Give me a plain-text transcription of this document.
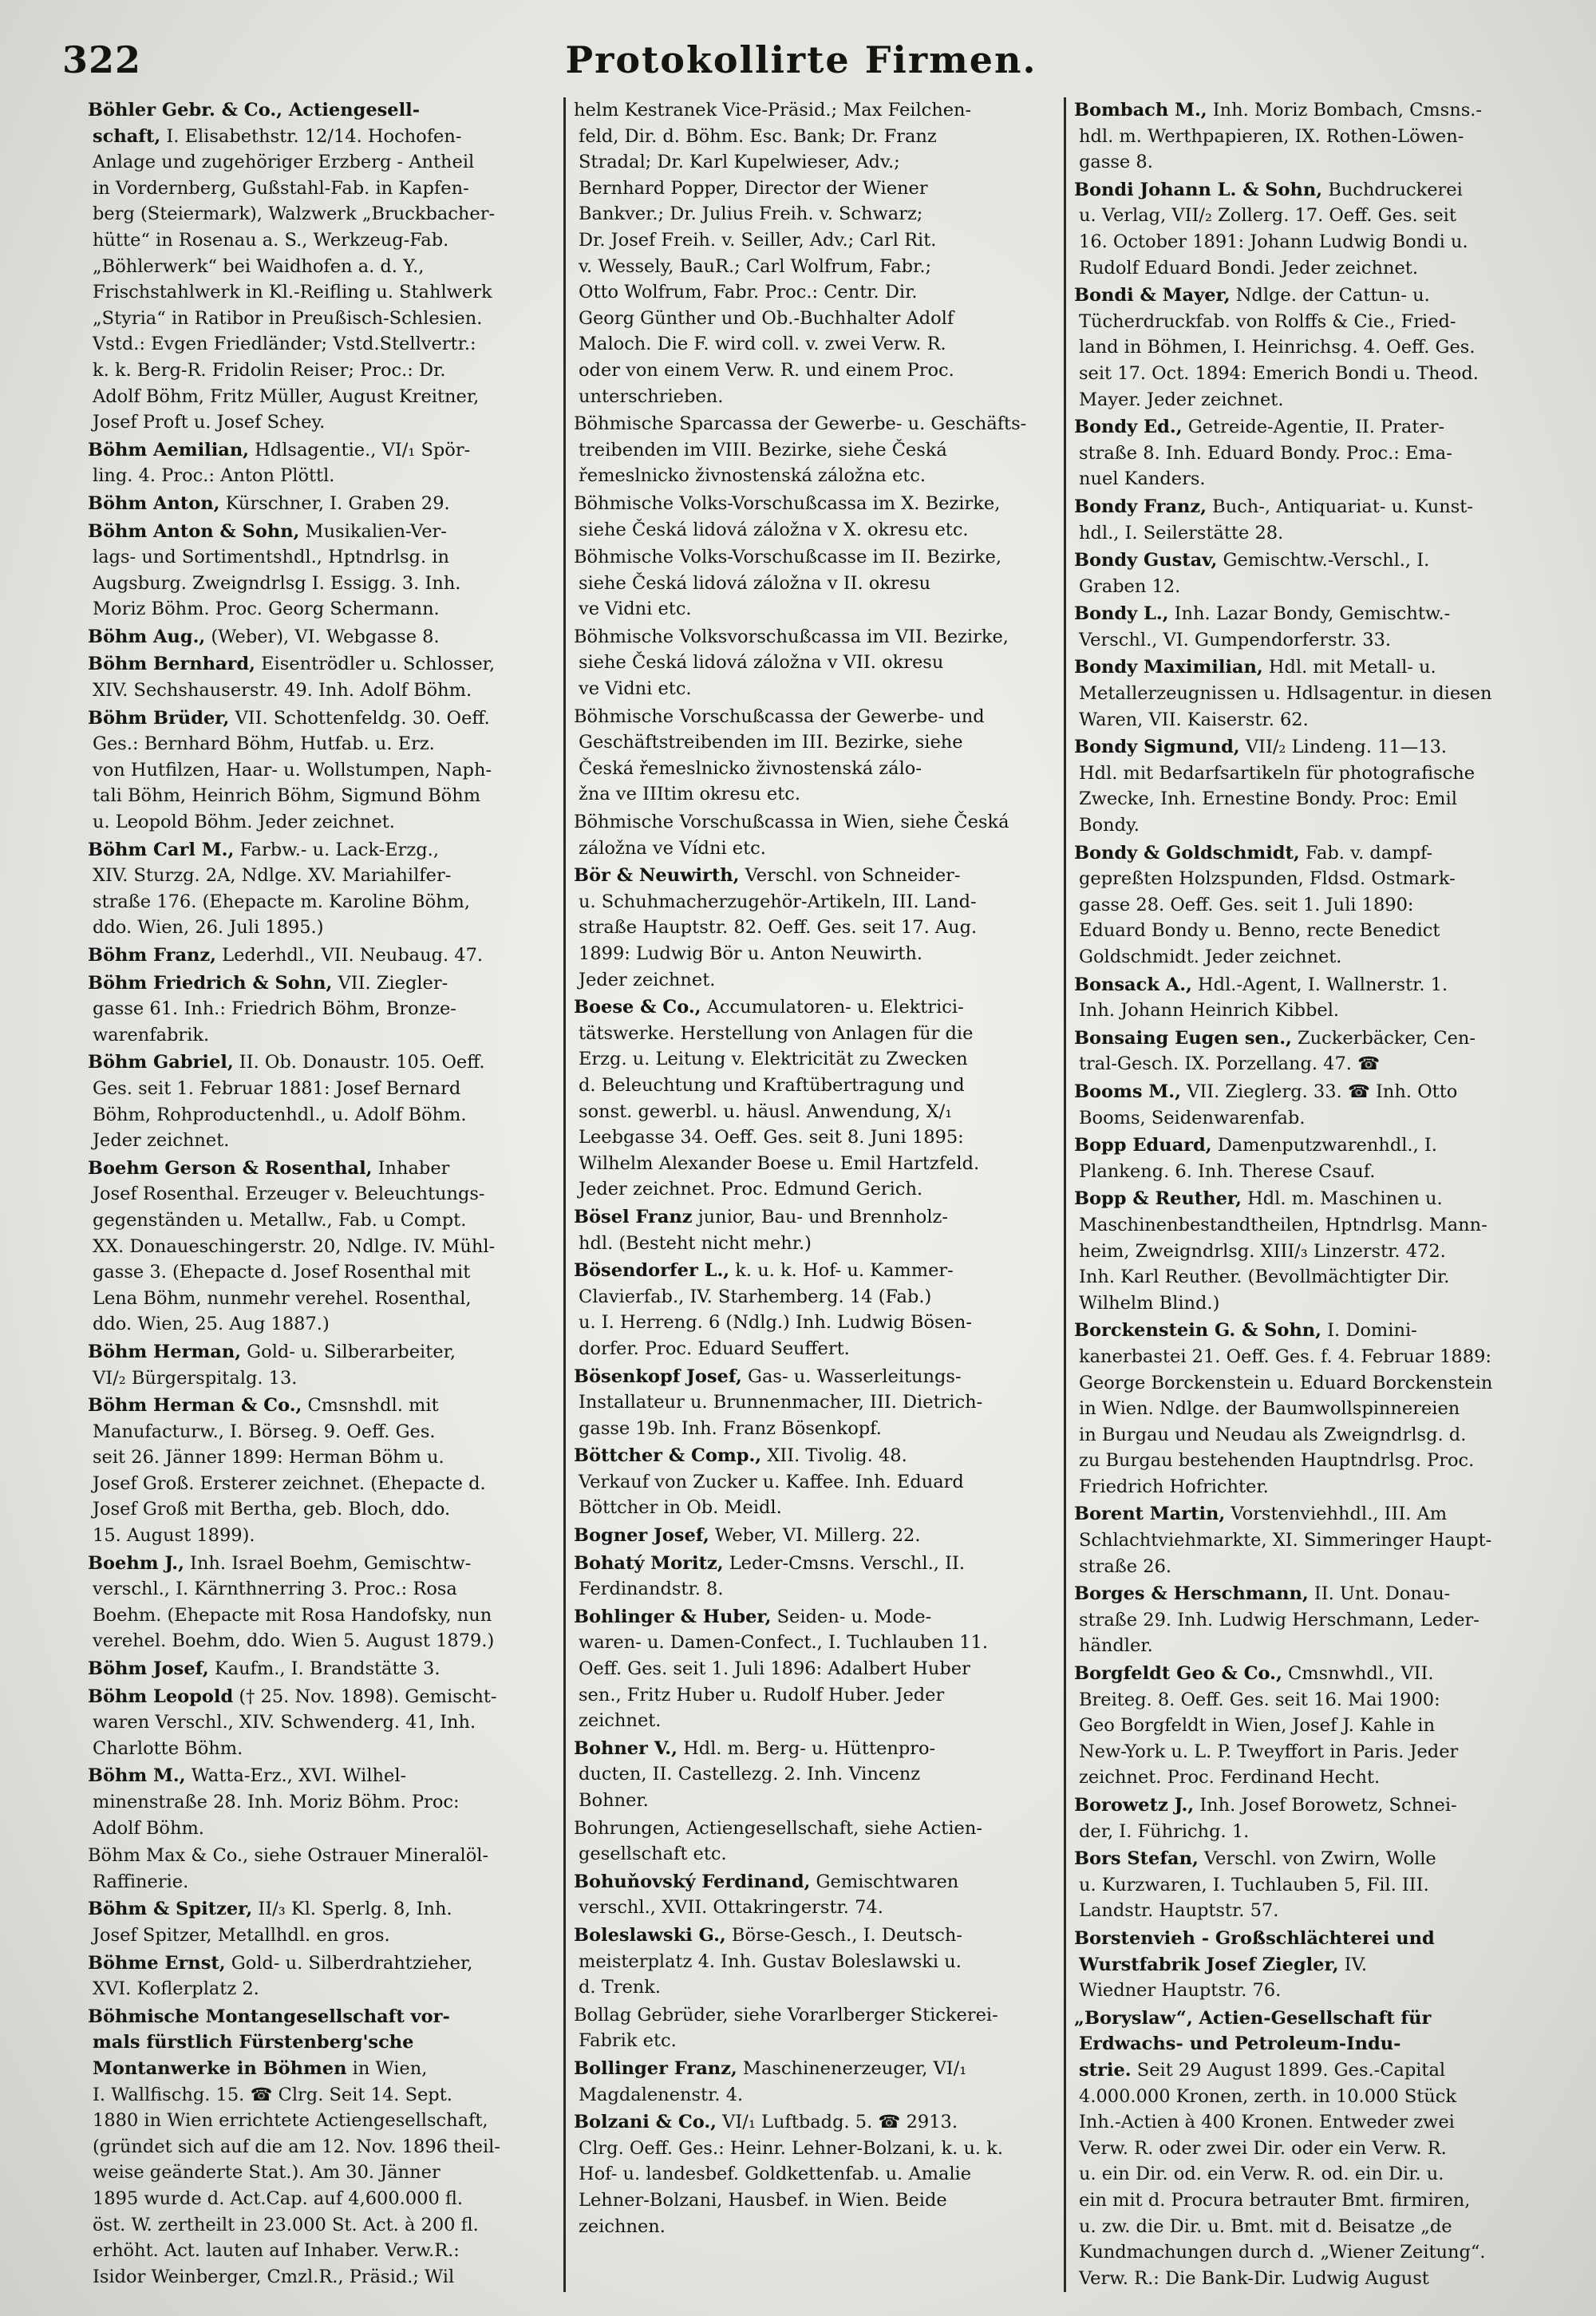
322	Protokollirte Firmen.

Böhler Gebr. & Co., Actiengesell-
schaft, I. Elisabethstr. 12/14. Hochofen-
Anlage und zugehöriger Erzberg - Antheil
in Vordernberg, Gußstahl-Fab. in Kapfen-
berg (Steiermark), Walzwerk „Bruckbacher-
hütte“ in Rosenau a. S., Werkzeug-Fab.
„Böhlerwerk“ bei Waidhofen a. d. Y.,
Frischstahlwerk in Kl.-Reifling u. Stahlwerk
„Styria“ in Ratibor in Preußisch-Schlesien.
Vstd.: Evgen Friedländer; Vstd.Stellvertr.:
k. k. Berg-R. Fridolin Reiser; Proc.: Dr.
Adolf Böhm, Fritz Müller, August Kreitner,
Josef Proft u. Josef Schey.

Böhm Aemilian, Hdlsagentie., VI/₁ Spör-
ling. 4. Proc.: Anton Plöttl.

Böhm Anton, Kürschner, I. Graben 29.

Böhm Anton & Sohn, Musikalien-Ver-
lags- und Sortimentshdl., Hptndrlsg. in
Augsburg. Zweigndrlsg I. Essigg. 3. Inh.
Moriz Böhm. Proc. Georg Schermann.

Böhm Aug., (Weber), VI. Webgasse 8.

Böhm Bernhard, Eisentrödler u. Schlosser,
XIV. Sechshauserstr. 49. Inh. Adolf Böhm.

Böhm Brüder, VII. Schottenfeldg. 30. Oeff.
Ges.: Bernhard Böhm, Hutfab. u. Erz.
von Hutfilzen, Haar- u. Wollstumpen, Naph-
tali Böhm, Heinrich Böhm, Sigmund Böhm
u. Leopold Böhm. Jeder zeichnet.

Böhm Carl M., Farbw.- u. Lack-Erzg.,
XIV. Sturzg. 2A, Ndlge. XV. Mariahilfer-
straße 176. (Ehepacte m. Karoline Böhm,
ddo. Wien, 26. Juli 1895.)

Böhm Franz, Lederhdl., VII. Neubaug. 47.

Böhm Friedrich & Sohn, VII. Ziegler-
gasse 61. Inh.: Friedrich Böhm, Bronze-
warenfabrik.

Böhm Gabriel, II. Ob. Donaustr. 105. Oeff.
Ges. seit 1. Februar 1881: Josef Bernard
Böhm, Rohproductenhdl., u. Adolf Böhm.
Jeder zeichnet.

Boehm Gerson & Rosenthal, Inhaber
Josef Rosenthal. Erzeuger v. Beleuchtungs-
gegenständen u. Metallw., Fab. u Compt.
XX. Donaueschingerstr. 20, Ndlge. IV. Mühl-
gasse 3. (Ehepacte d. Josef Rosenthal mit
Lena Böhm, nunmehr verehel. Rosenthal,
ddo. Wien, 25. Aug 1887.)

Böhm Herman, Gold- u. Silberarbeiter,
VI/₂ Bürgerspitalg. 13.

Böhm Herman & Co., Cmsnshdl. mit
Manufacturw., I. Börseg. 9. Oeff. Ges.
seit 26. Jänner 1899: Herman Böhm u.
Josef Groß. Ersterer zeichnet. (Ehepacte d.
Josef Groß mit Bertha, geb. Bloch, ddo.
15. August 1899).

Boehm J., Inh. Israel Boehm, Gemischtw-
verschl., I. Kärnthnerring 3. Proc.: Rosa
Boehm. (Ehepacte mit Rosa Handofsky, nun
verehel. Boehm, ddo. Wien 5. August 1879.)

Böhm Josef, Kaufm., I. Brandstätte 3.

Böhm Leopold († 25. Nov. 1898). Gemischt-
waren Verschl., XIV. Schwenderg. 41, Inh.
Charlotte Böhm.

Böhm M., Watta-Erz., XVI. Wilhel-
minenstraße 28. Inh. Moriz Böhm. Proc:
Adolf Böhm.

Böhm Max & Co., siehe Ostrauer Mineralöl-
Raffinerie.

Böhm & Spitzer, II/₃ Kl. Sperlg. 8, Inh.
Josef Spitzer, Metallhdl. en gros.

Böhme Ernst, Gold- u. Silberdrahtzieher,
XVI. Koflerplatz 2.

Böhmische Montangesellschaft vor-
mals fürstlich Fürstenberg'sche
Montanwerke in Böhmen in Wien,
I. Wallfischg. 15. ☎ Clrg. Seit 14. Sept.
1880 in Wien errichtete Actiengesellschaft,
(gründet sich auf die am 12. Nov. 1896 theil-
weise geänderte Stat.). Am 30. Jänner
1895 wurde d. Act.Cap. auf 4,600.000 fl.
öst. W. zertheilt in 23.000 St. Act. à 200 fl.
erhöht. Act. lauten auf Inhaber. Verw.R.:
Isidor Weinberger, Cmzl.R., Präsid.; Wil

helm Kestranek Vice-Präsid.; Max Feilchen-
feld, Dir. d. Böhm. Esc. Bank; Dr. Franz
Stradal; Dr. Karl Kupelwieser, Adv.;
Bernhard Popper, Director der Wiener
Bankver.; Dr. Julius Freih. v. Schwarz;
Dr. Josef Freih. v. Seiller, Adv.; Carl Rit.
v. Wessely, BauR.; Carl Wolfrum, Fabr.;
Otto Wolfrum, Fabr. Proc.: Centr. Dir.
Georg Günther und Ob.-Buchhalter Adolf
Maloch. Die F. wird coll. v. zwei Verw. R.
oder von einem Verw. R. und einem Proc.
unterschrieben.

Böhmische Sparcassa der Gewerbe- u. Geschäfts-
treibenden im VIII. Bezirke, siehe Česká
řemeslnicko živnostenská záložna etc.

Böhmische Volks-Vorschußcassa im X. Bezirke,
siehe Česká lidová záložna v X. okresu etc.

Böhmische Volks-Vorschußcasse im II. Bezirke,
siehe Česká lidová záložna v II. okresu
ve Vidni etc.

Böhmische Volksvorschußcassa im VII. Bezirke,
siehe Česká lidová záložna v VII. okresu
ve Vidni etc.

Böhmische Vorschußcassa der Gewerbe- und
Geschäftstreibenden im III. Bezirke, siehe
Česká řemeslnicko živnostenská zálo-
žna ve IIItim okresu etc.

Böhmische Vorschußcassa in Wien, siehe Česká
záložna ve Vídni etc.

Bör & Neuwirth, Verschl. von Schneider-
u. Schuhmacherzugehör-Artikeln, III. Land-
straße Hauptstr. 82. Oeff. Ges. seit 17. Aug.
1899: Ludwig Bör u. Anton Neuwirth.
Jeder zeichnet.

Boese & Co., Accumulatoren- u. Elektrici-
tätswerke. Herstellung von Anlagen für die
Erzg. u. Leitung v. Elektricität zu Zwecken
d. Beleuchtung und Kraftübertragung und
sonst. gewerbl. u. häusl. Anwendung, X/₁
Leebgasse 34. Oeff. Ges. seit 8. Juni 1895:
Wilhelm Alexander Boese u. Emil Hartzfeld.
Jeder zeichnet. Proc. Edmund Gerich.

Bösel Franz junior, Bau- und Brennholz-
hdl. (Besteht nicht mehr.)

Bösendorfer L., k. u. k. Hof- u. Kammer-
Clavierfab., IV. Starhemberg. 14 (Fab.)
u. I. Herreng. 6 (Ndlg.) Inh. Ludwig Bösen-
dorfer. Proc. Eduard Seuffert.

Bösenkopf Josef, Gas- u. Wasserleitungs-
Installateur u. Brunnenmacher, III. Dietrich-
gasse 19b. Inh. Franz Bösenkopf.

Böttcher & Comp., XII. Tivolig. 48.
Verkauf von Zucker u. Kaffee. Inh. Eduard
Böttcher in Ob. Meidl.

Bogner Josef, Weber, VI. Millerg. 22.

Bohatý Moritz, Leder-Cmsns. Verschl., II.
Ferdinandstr. 8.

Bohlinger & Huber, Seiden- u. Mode-
waren- u. Damen-Confect., I. Tuchlauben 11.
Oeff. Ges. seit 1. Juli 1896: Adalbert Huber
sen., Fritz Huber u. Rudolf Huber. Jeder
zeichnet.

Bohner V., Hdl. m. Berg- u. Hüttenpro-
ducten, II. Castellezg. 2. Inh. Vincenz
Bohner.

Bohrungen, Actiengesellschaft, siehe Actien-
gesellschaft etc.

Bohuňovský Ferdinand, Gemischtwaren
verschl., XVII. Ottakringerstr. 74.

Boleslawski G., Börse-Gesch., I. Deutsch-
meisterplatz 4. Inh. Gustav Boleslawski u.
d. Trenk.

Bollag Gebrüder, siehe Vorarlberger Stickerei-
Fabrik etc.

Bollinger Franz, Maschinenerzeuger, VI/₁
Magdalenenstr. 4.

Bolzani & Co., VI/₁ Luftbadg. 5. ☎ 2913.
Clrg. Oeff. Ges.: Heinr. Lehner-Bolzani, k. u. k.
Hof- u. landesbef. Goldkettenfab. u. Amalie
Lehner-Bolzani, Hausbef. in Wien. Beide
zeichnen.

Bombach M., Inh. Moriz Bombach, Cmsns.-
hdl. m. Werthpapieren, IX. Rothen-Löwen-
gasse 8.

Bondi Johann L. & Sohn, Buchdruckerei
u. Verlag, VII/₂ Zollerg. 17. Oeff. Ges. seit
16. October 1891: Johann Ludwig Bondi u.
Rudolf Eduard Bondi. Jeder zeichnet.

Bondi & Mayer, Ndlge. der Cattun- u.
Tücherdruckfab. von Rolffs & Cie., Fried-
land in Böhmen, I. Heinrichsg. 4. Oeff. Ges.
seit 17. Oct. 1894: Emerich Bondi u. Theod.
Mayer. Jeder zeichnet.

Bondy Ed., Getreide-Agentie, II. Prater-
straße 8. Inh. Eduard Bondy. Proc.: Ema-
nuel Kanders.

Bondy Franz, Buch-, Antiquariat- u. Kunst-
hdl., I. Seilerstätte 28.

Bondy Gustav, Gemischtw.-Verschl., I.
Graben 12.

Bondy L., Inh. Lazar Bondy, Gemischtw.-
Verschl., VI. Gumpendorferstr. 33.

Bondy Maximilian, Hdl. mit Metall- u.
Metallerzeugnissen u. Hdlsagentur. in diesen
Waren, VII. Kaiserstr. 62.

Bondy Sigmund, VII/₂ Lindeng. 11—13.
Hdl. mit Bedarfsartikeln für photografische
Zwecke, Inh. Ernestine Bondy. Proc: Emil
Bondy.

Bondy & Goldschmidt, Fab. v. dampf-
gepreßten Holzspunden, Fldsd. Ostmark-
gasse 28. Oeff. Ges. seit 1. Juli 1890:
Eduard Bondy u. Benno, recte Benedict
Goldschmidt. Jeder zeichnet.

Bonsack A., Hdl.-Agent, I. Wallnerstr. 1.
Inh. Johann Heinrich Kibbel.

Bonsaing Eugen sen., Zuckerbäcker, Cen-
tral-Gesch. IX. Porzellang. 47. ☎

Booms M., VII. Zieglerg. 33. ☎ Inh. Otto
Booms, Seidenwarenfab.

Bopp Eduard, Damenputzwarenhdl., I.
Plankeng. 6. Inh. Therese Csauf.

Bopp & Reuther, Hdl. m. Maschinen u.
Maschinenbestandtheilen, Hptndrlsg. Mann-
heim, Zweigndrlsg. XIII/₃ Linzerstr. 472.
Inh. Karl Reuther. (Bevollmächtigter Dir.
Wilhelm Blind.)

Borckenstein G. & Sohn, I. Domini-
kanerbastei 21. Oeff. Ges. f. 4. Februar 1889:
George Borckenstein u. Eduard Borckenstein
in Wien. Ndlge. der Baumwollspinnereien
in Burgau und Neudau als Zweigndrlsg. d.
zu Burgau bestehenden Hauptndrlsg. Proc.
Friedrich Hofrichter.

Borent Martin, Vorstenviehhdl., III. Am
Schlachtviehmarkte, XI. Simmeringer Haupt-
straße 26.

Borges & Herschmann, II. Unt. Donau-
straße 29. Inh. Ludwig Herschmann, Leder-
händler.

Borgfeldt Geo & Co., Cmsnwhdl., VII.
Breiteg. 8. Oeff. Ges. seit 16. Mai 1900:
Geo Borgfeldt in Wien, Josef J. Kahle in
New-York u. L. P. Tweyffort in Paris. Jeder
zeichnet. Proc. Ferdinand Hecht.

Borowetz J., Inh. Josef Borowetz, Schnei-
der, I. Führichg. 1.

Bors Stefan, Verschl. von Zwirn, Wolle
u. Kurzwaren, I. Tuchlauben 5, Fil. III.
Landstr. Hauptstr. 57.

Borstenvieh - Großschlächterei und
Wurstfabrik Josef Ziegler, IV.
Wiedner Hauptstr. 76.

„Boryslaw“, Actien-Gesellschaft für
Erdwachs- und Petroleum-Indu-
strie. Seit 29 August 1899. Ges.-Capital
4.000.000 Kronen, zerth. in 10.000 Stück
Inh.-Actien à 400 Kronen. Entweder zwei
Verw. R. oder zwei Dir. oder ein Verw. R.
u. ein Dir. od. ein Verw. R. od. ein Dir. u.
ein mit d. Procura betrauter Bmt. firmiren,
u. zw. die Dir. u. Bmt. mit d. Beisatze „de
Kundmachungen durch d. „Wiener Zeitung“.
Verw. R.: Die Bank-Dir. Ludwig August
